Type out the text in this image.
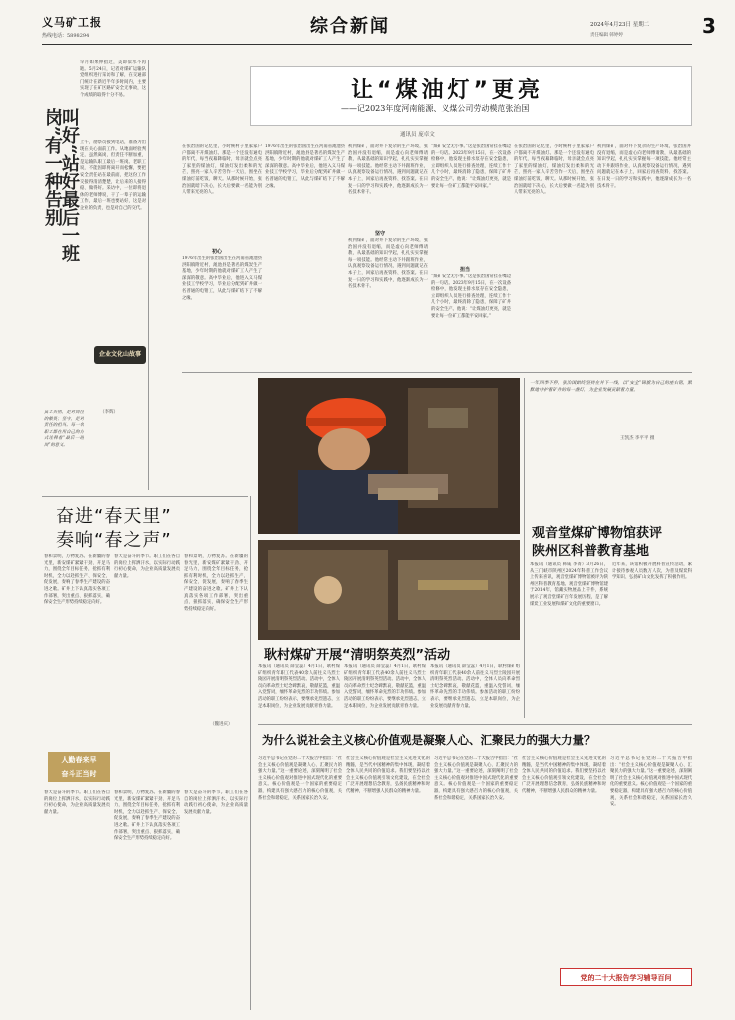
义马矿工报
热线电话：5898294	综合新闻	2024年4月23日 星期二
责任编辑 韩婷婷	3
早月如果伸指过，美即似水不再逝。5月24日，记者对煤矿运输队党组织进行采访和了解，在交通部门统计在新近半年多时间内，主要实现了在矿区路矿安全无事故，这个成绩的取得十分不易。
叫好“站好最后一班岗”有一种告别	上午，勘察员接到电话，准备为出现在关心面前工作。从地面经验判定，虽然离岗，但责任不断加重，是运输队职工最后一班岗。老职工说，不能因即将离开而松懈，要把安全责任站在最前面，把这份工作交接得清清楚楚，让后来的人接得稳、做得好。采访中，一位即将退休的老师傅说，干了一辈子的运输工作，最后一班也要站好，这是对企业的负责，也是对自己的交代。
员工告别，是对岗位的敬畏；坚守，是对责任的担当。每一名职工都在用自己的方式诠释着“最后一班岗”的意义。
（李辉）
企业文化山故事
让“煤油灯”更亮
——记2023年度河南能源、义煤公司劳动模范张治国
通讯员 庞卓文
在张治国的记忆里，小时候村子里家家户户都离不开煤油灯。那是一个还没有通电的年代，每当夜幕降临时，母亲就会点亮了家里的煤油灯，煤油灯发出柔和的光芒，照亮一家人辛苦劳作一天后，围坐在煤油灯前吃饭、聊天。从那时候开始，张治国就暗下决心，长大后要做一名能为别人带来光亮的人。
初心
1976年出生的张治国出生在河南省渑池县洪阳镇附近村，渑池县是著名的煤炭生产基地，少年时期的他就对煤矿工人产生了深深的敬意。高中毕业后，他进入义马煤业技工学校学习，毕业后分配到矿井做一名普通的电钳工，从此与煤矿结下了不解之缘。
1976年出生的张治国出生在河南省渑池县洪阳镇附近村，渑池县是著名的煤炭生产基地，少年时期的他就对煤矿工人产生了深深的敬意。高中毕业后，他进入义马煤业技工学校学习，毕业后分配到矿井做一名普通的电钳工，从此与煤矿结下了不解之缘。
初到煤矿，面对井下复杂的生产环境，张治国并没有退缩，而是虚心向老师傅请教，从最基础的知识学起，扎扎实实掌握每一项技能。他经常主动下井跟班作业，认真观察设备运行情况，遇到问题就记在本子上，回家后再查资料、找答案。在日复一日的学习和实践中，他逐渐成长为一名技术骨干。
坚守
初到煤矿，面对井下复杂的生产环境，张治国并没有退缩，而是虚心向老师傅请教，从最基础的知识学起，扎扎实实掌握每一项技能。他经常主动下井跟班作业，认真观察设备运行情况，遇到问题就记在本子上，回家后再查资料、找答案。在日复一日的学习和实践中，他逐渐成长为一名技术骨干。
“煤矿安全无小事。”这是张治国常挂在嘴边的一句话。2023年9月15日，在一次设备检修中，他发现主排水泵存在安全隐患，立即组织人员进行排查处理，连续工作十几个小时，最终消除了隐患，保障了矿井的安全生产。他说：“让煤油灯更亮，就是要让每一位矿工都能平安回家。”
担当
“煤矿安全无小事。”这是张治国常挂在嘴边的一句话。2023年9月15日，在一次设备检修中，他发现主排水泵存在安全隐患，立即组织人员进行排查处理，连续工作十几个小时，最终消除了隐患，保障了矿井的安全生产。他说：“让煤油灯更亮，就是要让每一位矿工都能平安回家。”
在张治国的记忆里，小时候村子里家家户户都离不开煤油灯。那是一个还没有通电的年代，每当夜幕降临时，母亲就会点亮了家里的煤油灯，煤油灯发出柔和的光芒，照亮一家人辛苦劳作一天后，围坐在煤油灯前吃饭、聊天。从那时候开始，张治国就暗下决心，长大后要做一名能为别人带来光亮的人。
初到煤矿，面对井下复杂的生产环境，张治国并没有退缩，而是虚心向老师傅请教，从最基础的知识学起，扎扎实实掌握每一项技能。他经常主动下井跟班作业，认真观察设备运行情况，遇到问题就记在本子上，回家后再查资料、找答案。在日复一日的学习和实践中，他逐渐成长为一名技术骨干。
一年四季不停，张治国始终坚持在井下一线，以“安全”锦旗为自己的座右铭，默默地守护着矿井的每一盏灯，为企业发展贡献着力量。
王凯杰 李平平 摄
奋进“春天里”
奏响“春之声”
春和景明，万物复苏。在新疆的春光里，新安煤矿紧紧干劲、开足马力，围绕全年目标任务，抢抓有利时机，全力以赴抓生产、保安全、促发展，奏响了春季生产建设的奋进之歌。矿井上下认真落实各项工作部署，突出重点、狠抓落实，确保安全生产形势持续稳定向好。
春天是奋斗的季节。职工们在各自的岗位上挥洒汗水，以实际行动践行初心使命，为企业高质量发展贡献力量。
春和景明，万物复苏。在新疆的春光里，新安煤矿紧紧干劲、开足马力，围绕全年目标任务，抢抓有利时机，全力以赴抓生产、保安全、促发展，奏响了春季生产建设的奋进之歌。矿井上下认真落实各项工作部署，突出重点、狠抓落实，确保安全生产形势持续稳定向好。
（魏进庆）
人勤春来早
奋斗正当时
春天是奋斗的季节。职工们在各自的岗位上挥洒汗水，以实际行动践行初心使命，为企业高质量发展贡献力量。
春和景明，万物复苏。在新疆的春光里，新安煤矿紧紧干劲、开足马力，围绕全年目标任务，抢抓有利时机，全力以赴抓生产、保安全、促发展，奏响了春季生产建设的奋进之歌。矿井上下认真落实各项工作部署，突出重点、狠抓落实，确保安全生产形势持续稳定向好。
春天是奋斗的季节。职工们在各自的岗位上挥洒汗水，以实际行动践行初心使命，为企业高质量发展贡献力量。
耿村煤矿开展“清明祭英烈”活动
本报讯（通讯员 薛莹蕊）4月1日，耿村煤矿组织青年职工代表40余人前往义马烈士陵园开展清明祭英烈活动。活动中，全体人员向革命烈士纪念碑默哀，敬献花篮，重温入党誓词，缅怀革命先烈的丰功伟绩。参加活动的职工纷纷表示，要继承先烈遗志，立足本职岗位，为企业发展贡献青春力量。
本报讯（通讯员 薛莹蕊）4月1日，耿村煤矿组织青年职工代表40余人前往义马烈士陵园开展清明祭英烈活动。活动中，全体人员向革命烈士纪念碑默哀，敬献花篮，重温入党誓词，缅怀革命先烈的丰功伟绩。参加活动的职工纷纷表示，要继承先烈遗志，立足本职岗位，为企业发展贡献青春力量。
本报讯（通讯员 薛莹蕊）4月1日，耿村煤矿组织青年职工代表40余人前往义马烈士陵园开展清明祭英烈活动。活动中，全体人员向革命烈士纪念碑默哀，敬献花篮，重温入党誓词，缅怀革命先烈的丰功伟绩。参加活动的职工纷纷表示，要继承先烈遗志，立足本职岗位，为企业发展贡献青春力量。
观音堂煤矿博物馆获评
陕州区科普教育基地
本报讯（通讯员 韩咸 李菁）3月26日，从三门峡市陕州区2024年科普工作会议上传来喜讯，观音堂煤矿博物馆被评为陕州区科普教育基地。观音堂煤矿博物馆建于2014年，馆藏实物展品上千件，系统展示了观音堂煤矿百年发展历程，是了解煤炭工业发展和煤矿文化的重要窗口。
近年来，该馆积极开展科普宣传活动，累计接待参观人员数万人次，为普及煤炭科学知识、弘扬矿山文化发挥了积极作用。
为什么说社会主义核心价值观是凝聚人心、汇聚民力的强大力量？
习近平总书记在党的二十大报告中指出：“社会主义核心价值观是凝聚人心、汇聚民力的强大力量。”这一重要论述，深刻阐明了社会主义核心价值观对推进中国式现代化的重要意义。核心价值观是一个国家的重要稳定器，构建具有强大感召力的核心价值观，关系社会和谐稳定，关系国家长治久安。
社会主义核心价值观是社会主义先进文化的精髓，是当代中国精神的集中体现，凝结着全体人民共同的价值追求。我们要坚持以社会主义核心价值观引领文化建设，在全社会广泛开展理想信念教育，弘扬民族精神和时代精神，不断增强人民群众的精神力量。
习近平总书记在党的二十大报告中指出：“社会主义核心价值观是凝聚人心、汇聚民力的强大力量。”这一重要论述，深刻阐明了社会主义核心价值观对推进中国式现代化的重要意义。核心价值观是一个国家的重要稳定器，构建具有强大感召力的核心价值观，关系社会和谐稳定，关系国家长治久安。
社会主义核心价值观是社会主义先进文化的精髓，是当代中国精神的集中体现，凝结着全体人民共同的价值追求。我们要坚持以社会主义核心价值观引领文化建设，在全社会广泛开展理想信念教育，弘扬民族精神和时代精神，不断增强人民群众的精神力量。
习近平总书记在党的二十大报告中指出：“社会主义核心价值观是凝聚人心、汇聚民力的强大力量。”这一重要论述，深刻阐明了社会主义核心价值观对推进中国式现代化的重要意义。核心价值观是一个国家的重要稳定器，构建具有强大感召力的核心价值观，关系社会和谐稳定，关系国家长治久安。
党的二十大报告学习辅导百问
